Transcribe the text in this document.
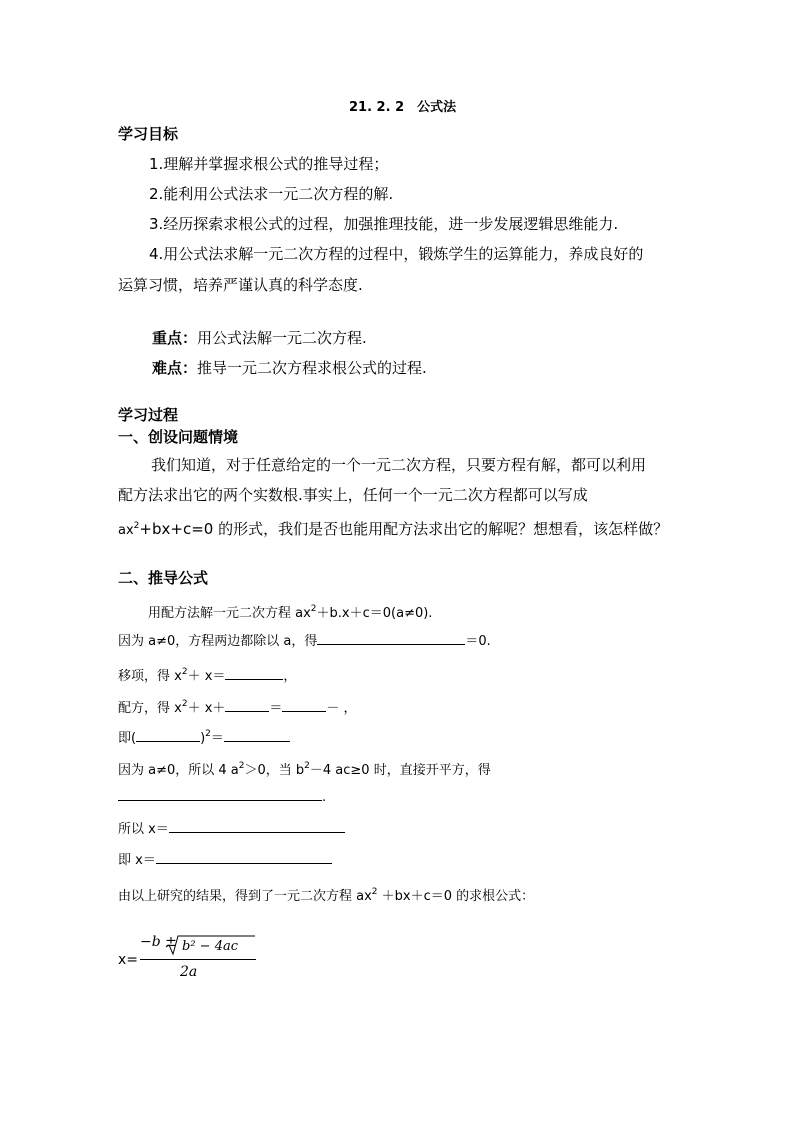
21. 2. 2　公式法
学习目标
1.理解并掌握求根公式的推导过程；
2.能利用公式法求一元二次方程的解.
3.经历探索求根公式的过程，加强推理技能，进一步发展逻辑思维能力.
4.用公式法求解一元二次方程的过程中，锻炼学生的运算能力，养成良好的
运算习惯，培养严谨认真的科学态度.
重点：用公式法解一元二次方程.
难点：推导一元二次方程求根公式的过程.
学习过程
一、创设问题情境
我们知道，对于任意给定的一个一元二次方程，只要方程有解，都可以利用
配方法求出它的两个实数根.事实上，任何一个一元二次方程都可以写成
$ax^2+bx+c=0$ 的形式，我们是否也能用配方法求出它的解呢？想想看，该怎样做？
二、推导公式
用配方法解一元二次方程 $ax^2+b.x+c=0(a\ne 0)$.
因为 a≠0，方程两边都除以 a，得	＝0.
移项，得 $x^2+ x=$	，
配方，得 $x^2+ x+$	＝	－ ，
即(	)$^2$＝
因为 a≠0，所以 4 $a^2>0$，当 $b^2-4$ ac≥0 时，直接开平方，得
.
所以 x＝
即 x＝
由以上研究的结果，得到了一元二次方程 $ax^2 +bx+c=0$ 的求根公式：
x=
−b ± b² − 4ac
2a
